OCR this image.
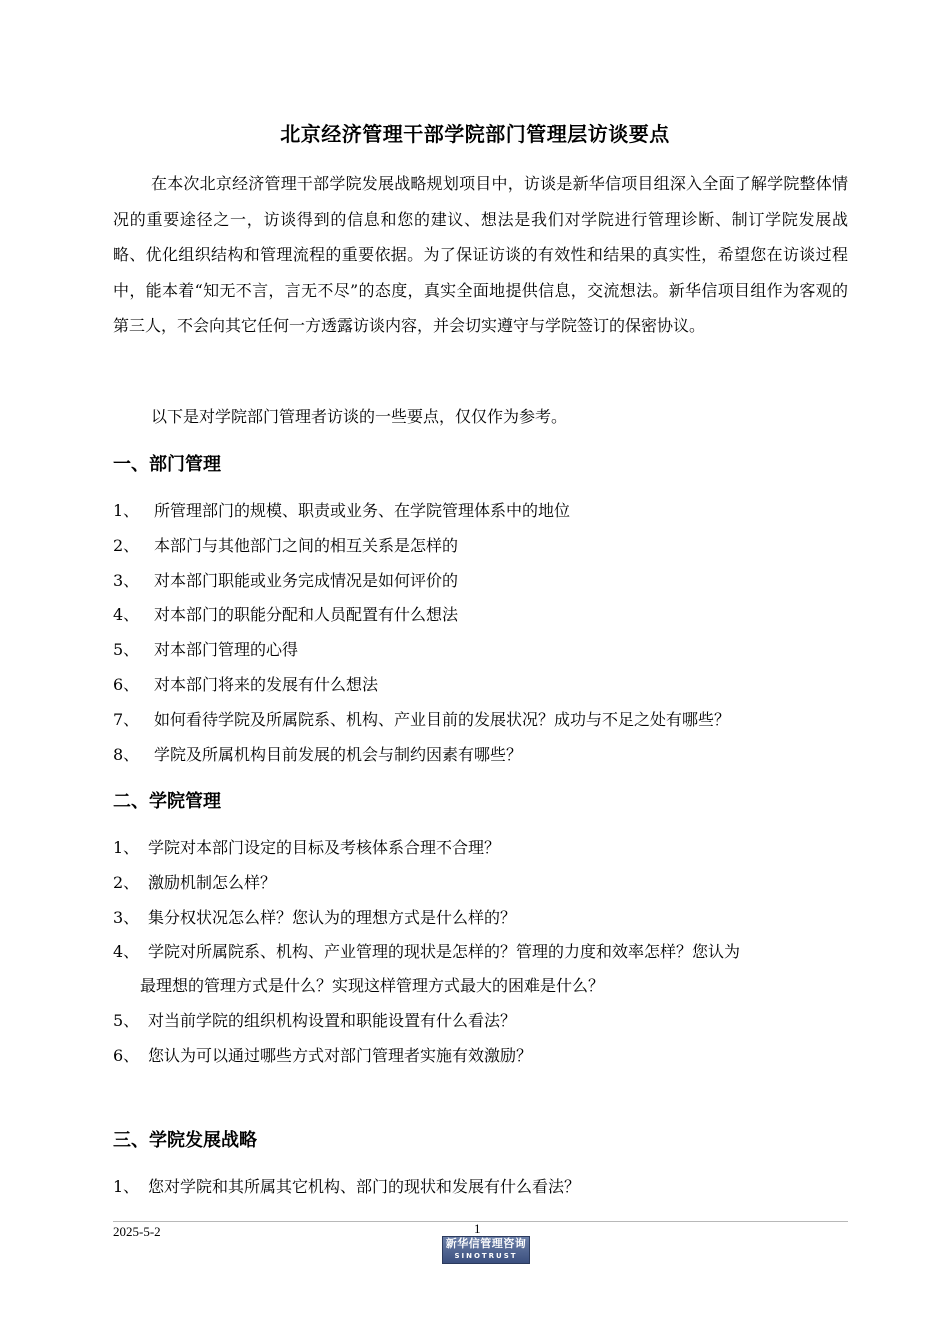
北京经济管理干部学院部门管理层访谈要点

在本次北京经济管理干部学院发展战略规划项目中，访谈是新华信项目组深入全面了解学院整体情况的重要途径之一，访谈得到的信息和您的建议、想法是我们对学院进行管理诊断、制订学院发展战略、优化组织结构和管理流程的重要依据。为了保证访谈的有效性和结果的真实性，希望您在访谈过程中，能本着“知无不言，言无不尽”的态度，真实全面地提供信息，交流想法。新华信项目组作为客观的第三人，不会向其它任何一方透露访谈内容，并会切实遵守与学院签订的保密协议。

以下是对学院部门管理者访谈的一些要点，仅仅作为参考。

一、部门管理
1、 所管理部门的规模、职责或业务、在学院管理体系中的地位
2、 本部门与其他部门之间的相互关系是怎样的
3、 对本部门职能或业务完成情况是如何评价的
4、 对本部门的职能分配和人员配置有什么想法
5、 对本部门管理的心得
6、 对本部门将来的发展有什么想法
7、 如何看待学院及所属院系、机构、产业目前的发展状况？成功与不足之处有哪些？
8、 学院及所属机构目前发展的机会与制约因素有哪些？
二、学院管理
1、 学院对本部门设定的目标及考核体系合理不合理？
2、 激励机制怎么样？
3、 集分权状况怎么样？您认为的理想方式是什么样的？
4、 学院对所属院系、机构、产业管理的现状是怎样的？管理的力度和效率怎样？您认为
最理想的管理方式是什么？实现这样管理方式最大的困难是什么？
5、 对当前学院的组织机构设置和职能设置有什么看法？
6、 您认为可以通过哪些方式对部门管理者实施有效激励？
三、学院发展战略
1、 您对学院和其所属其它机构、部门的现状和发展有什么看法？
2025-5-2	1
新华信管理咨询
SINOTRUST
